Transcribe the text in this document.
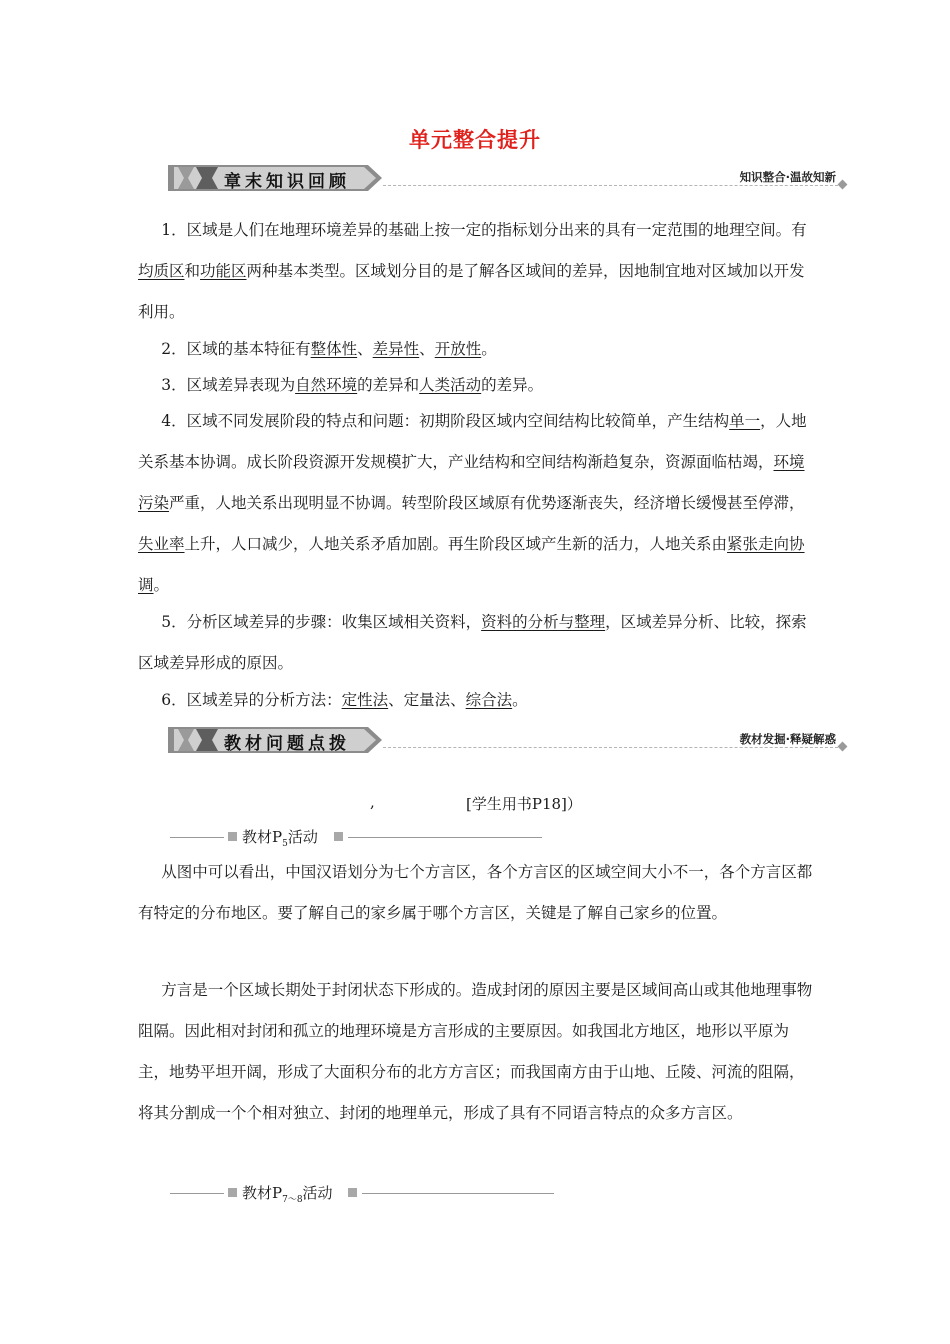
单元整合提升
章末知识回顾	知识整合·温故知新
  1．区域是人们在地理环境差异的基础上按一定的指标划分出来的具有一定范围的地理空间。有均质区和功能区两种基本类型。区域划分目的是了解各区域间的差异，因地制宜地对区域加以开发利用。
  2．区域的基本特征有整体性、差异性、开放性。
  3．区域差异表现为自然环境的差异和人类活动的差异。
  4．区域不同发展阶段的特点和问题：初期阶段区域内空间结构比较简单，产生结构单一，人地关系基本协调。成长阶段资源开发规模扩大，产业结构和空间结构渐趋复杂，资源面临枯竭，环境污染严重，人地关系出现明显不协调。转型阶段区域原有优势逐渐丧失，经济增长缓慢甚至停滞，失业率上升，人口减少，人地关系矛盾加剧。再生阶段区域产生新的活力，人地关系由紧张走向协调。
  5．分析区域差异的步骤：收集区域相关资料，资料的分析与整理，区域差异分析、比较，探索区域差异形成的原因。
  6．区域差异的分析方法：定性法、定量法、综合法。
教材问题点拨	教材发掘·释疑解惑
,	[学生用书P18]）
教材$P_5$活动
  从图中可以看出，中国汉语划分为七个方言区，各个方言区的区域空间大小不一，各个方言区都有特定的分布地区。要了解自己的家乡属于哪个方言区，关键是了解自己家乡的位置。
  方言是一个区域长期处于封闭状态下形成的。造成封闭的原因主要是区域间高山或其他地理事物阻隔。因此相对封闭和孤立的地理环境是方言形成的主要原因。如我国北方地区，地形以平原为主，地势平坦开阔，形成了大面积分布的北方方言区；而我国南方由于山地、丘陵、河流的阻隔，将其分割成一个个相对独立、封闭的地理单元，形成了具有不同语言特点的众多方言区。
教材$P_{7\sim 8}$活动
